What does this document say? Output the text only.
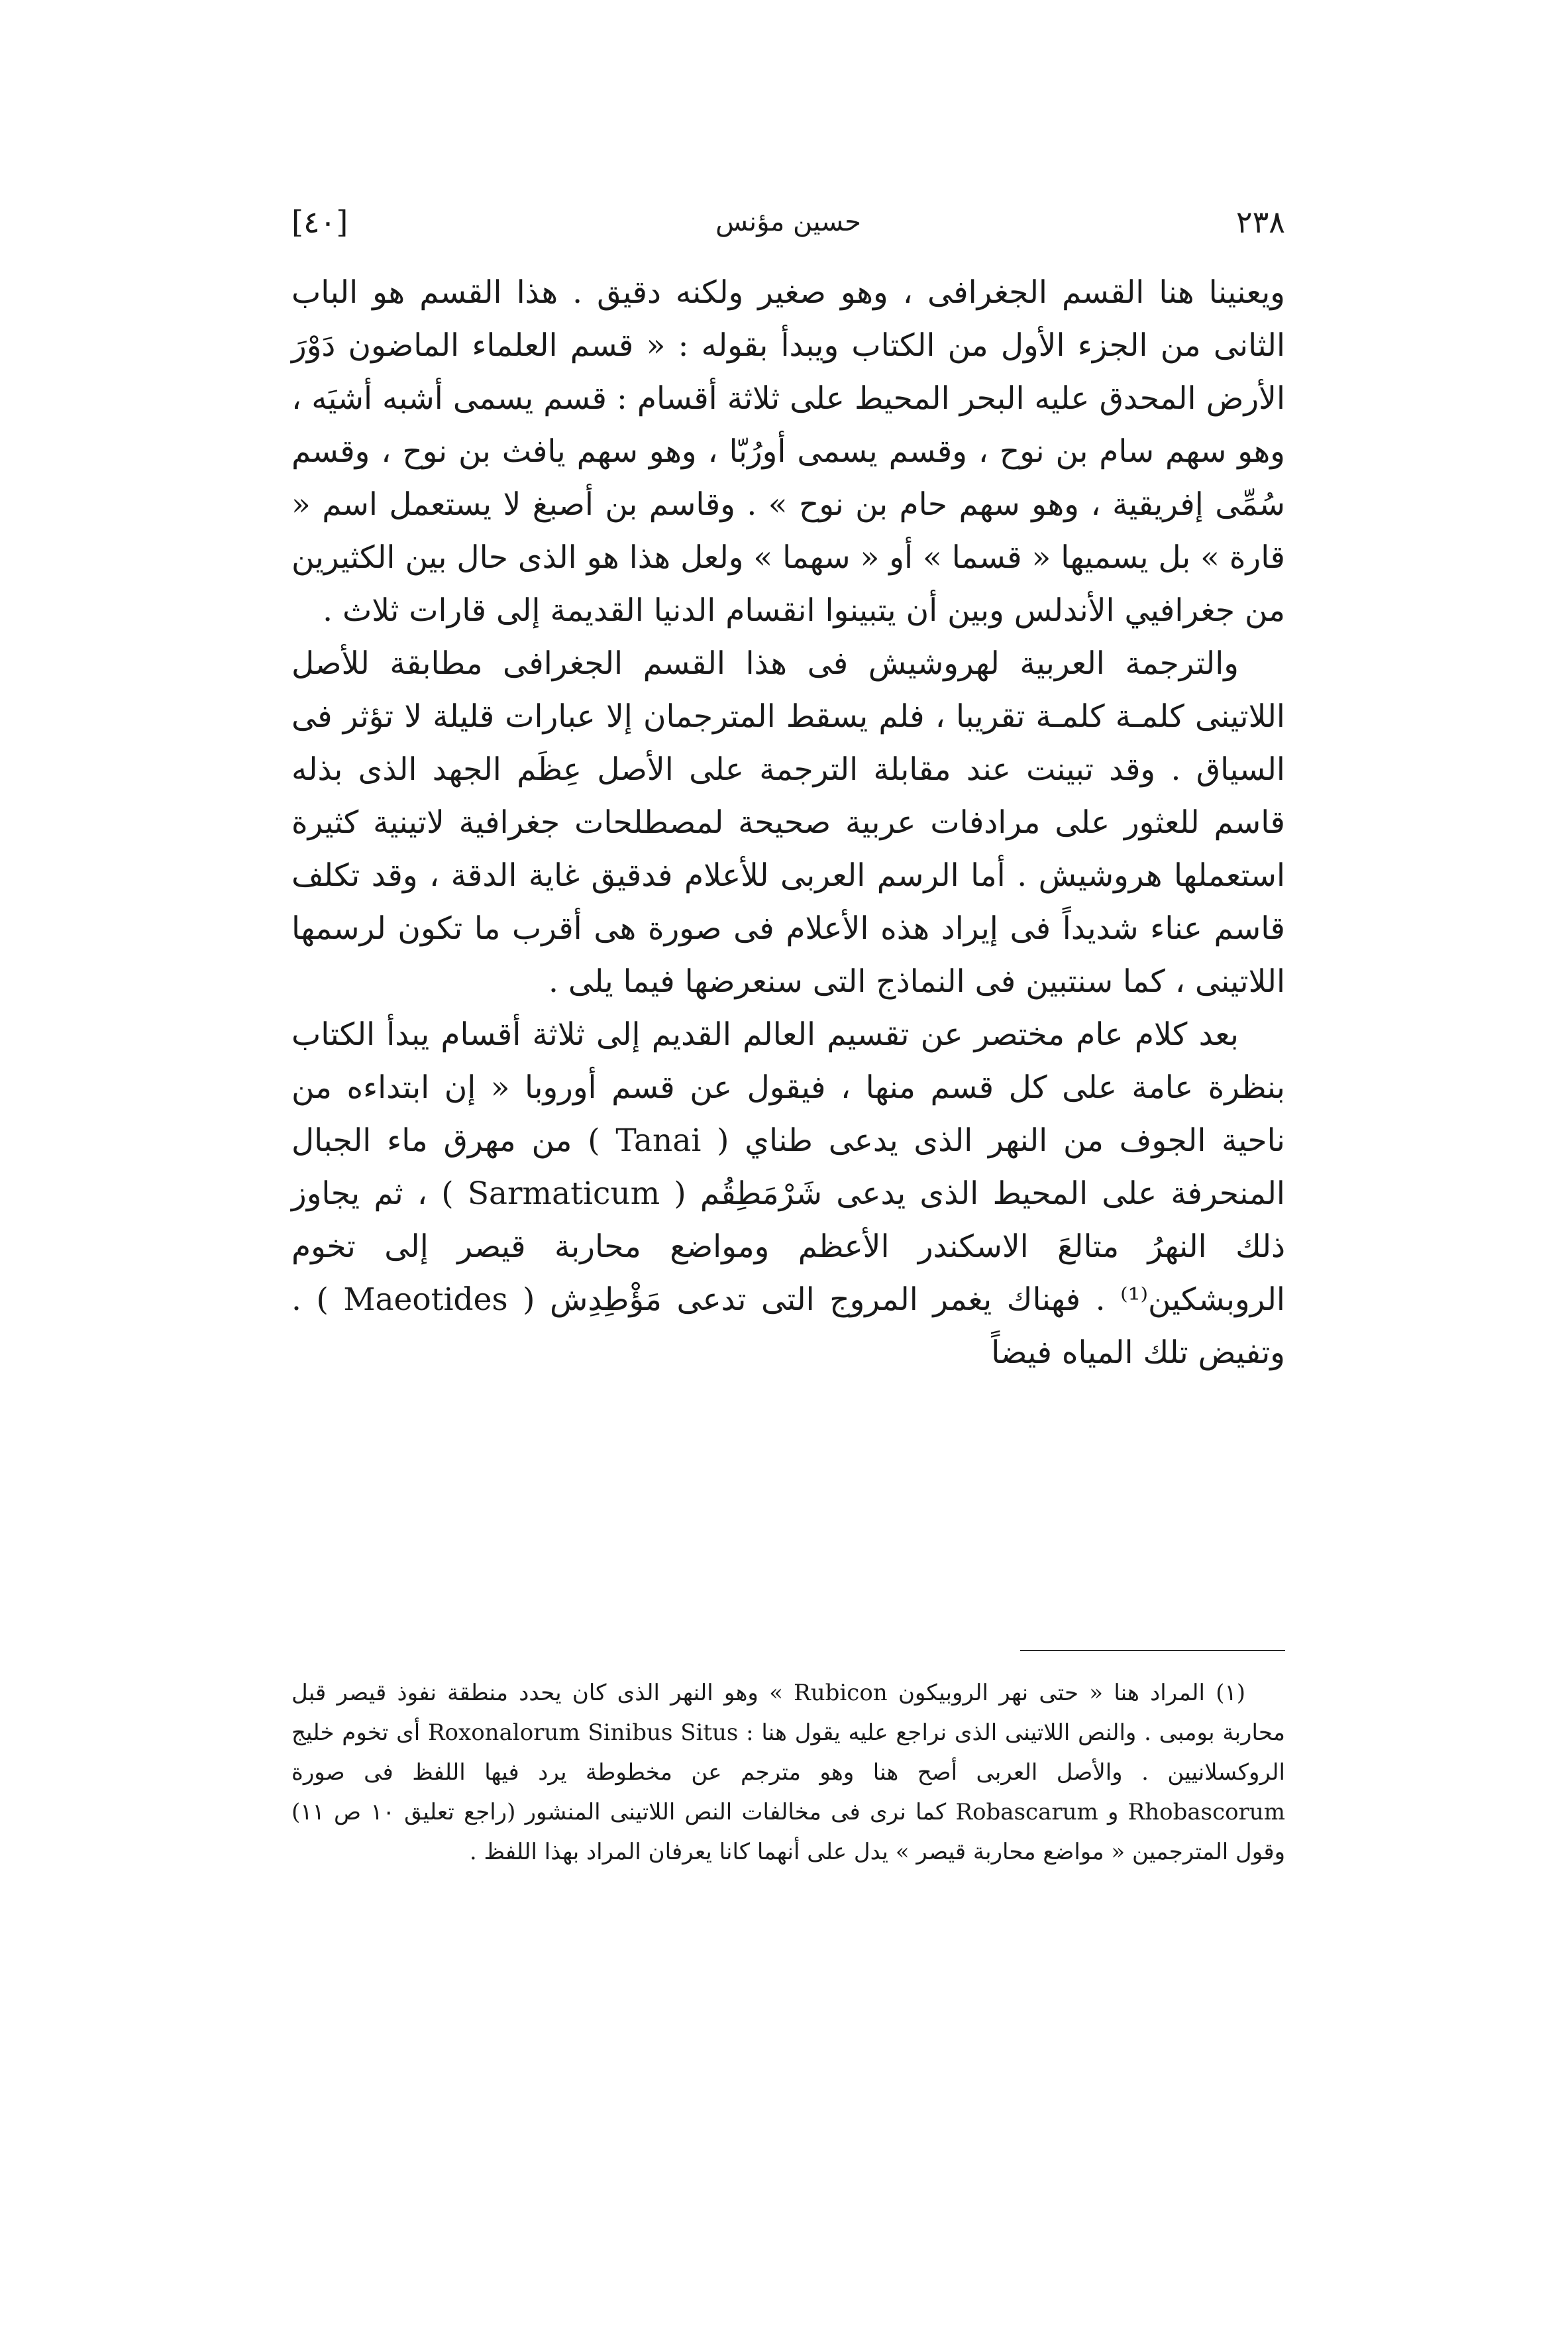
[٤٠]	حسين مؤنس	٢٣٨

ويعنينا هنا القسم الجغرافى ، وهو صغير ولكنه دقيق . هذا القسم هو الباب الثانى من الجزء الأول من الكتاب ويبدأ بقوله : « قسم العلماء الماضون دَوْرَ الأرض المحدق عليه البحر المحيط على ثلاثة أقسام : قسم يسمى أشبه أشيَه ، وهو سهم سام بن نوح ، وقسم يسمى أورُبّا ، وهو سهم يافث بن نوح ، وقسم سُمِّى إفريقية ، وهو سهم حام بن نوح » . وقاسم بن أصبغ لا يستعمل اسم « قارة » بل يسميها « قسما » أو « سهما » ولعل هذا هو الذى حال بين الكثيرين من جغرافيي الأندلس وبين أن يتبينوا انقسام الدنيا القديمة إلى قارات ثلاث .

والترجمة العربية لهروشيش فى هذا القسم الجغرافى مطابقة للأصل اللاتينى كلمـة كلمـة تقريبا ، فلم يسقط المترجمان إلا عبارات قليلة لا تؤثر فى السياق . وقد تبينت عند مقابلة الترجمة على الأصل عِظَم الجهد الذى بذله قاسم للعثور على مرادفات عربية صحيحة لمصطلحات جغرافية لاتينية كثيرة استعملها هروشيش . أما الرسم العربى للأعلام فدقيق غاية الدقة ، وقد تكلف قاسم عناء شديداً فى إيراد هذه الأعلام فى صورة هى أقرب ما تكون لرسمها اللاتينى ، كما سنتبين فى النماذج التى سنعرضها فيما يلى .

بعد كلام عام مختصر عن تقسيم العالم القديم إلى ثلاثة أقسام يبدأ الكتاب بنظرة عامة على كل قسم منها ، فيقول عن قسم أوروبا « إن ابتداءه من ناحية الجوف من النهر الذى يدعى طناي ( Tanai ) من مهرق ماء الجبال المنحرفة على المحيط الذى يدعى شَرْمَطِقُم ( Sarmaticum ) ، ثم يجاوز ذلك النهرُ متالعَ الاسكندر الأعظم ومواضع محاربة قيصر إلى تخوم الروبشكين⁽¹⁾ . فهناك يغمر المروج التى تدعى مَؤْطِدِش ( Maeotides ) . وتفيض تلك المياه فيضاً

(١) المراد هنا « حتى نهر الروبيكون Rubicon » وهو النهر الذى كان يحدد منطقة نفوذ قيصر قبل محاربة بومبى . والنص اللاتينى الذى نراجع عليه يقول هنا : Roxonalorum Sinibus Situs أى تخوم خليج الروكسلانيين . والأصل العربى أصح هنا وهو مترجم عن مخطوطة يرد فيها اللفظ فى صورة Rhobascorum و Robascarum كما نرى فى مخالفات النص اللاتينى المنشور (راجع تعليق ١٠ ص ١١) وقول المترجمين « مواضع محاربة قيصر » يدل على أنهما كانا يعرفان المراد بهذا اللفظ .
